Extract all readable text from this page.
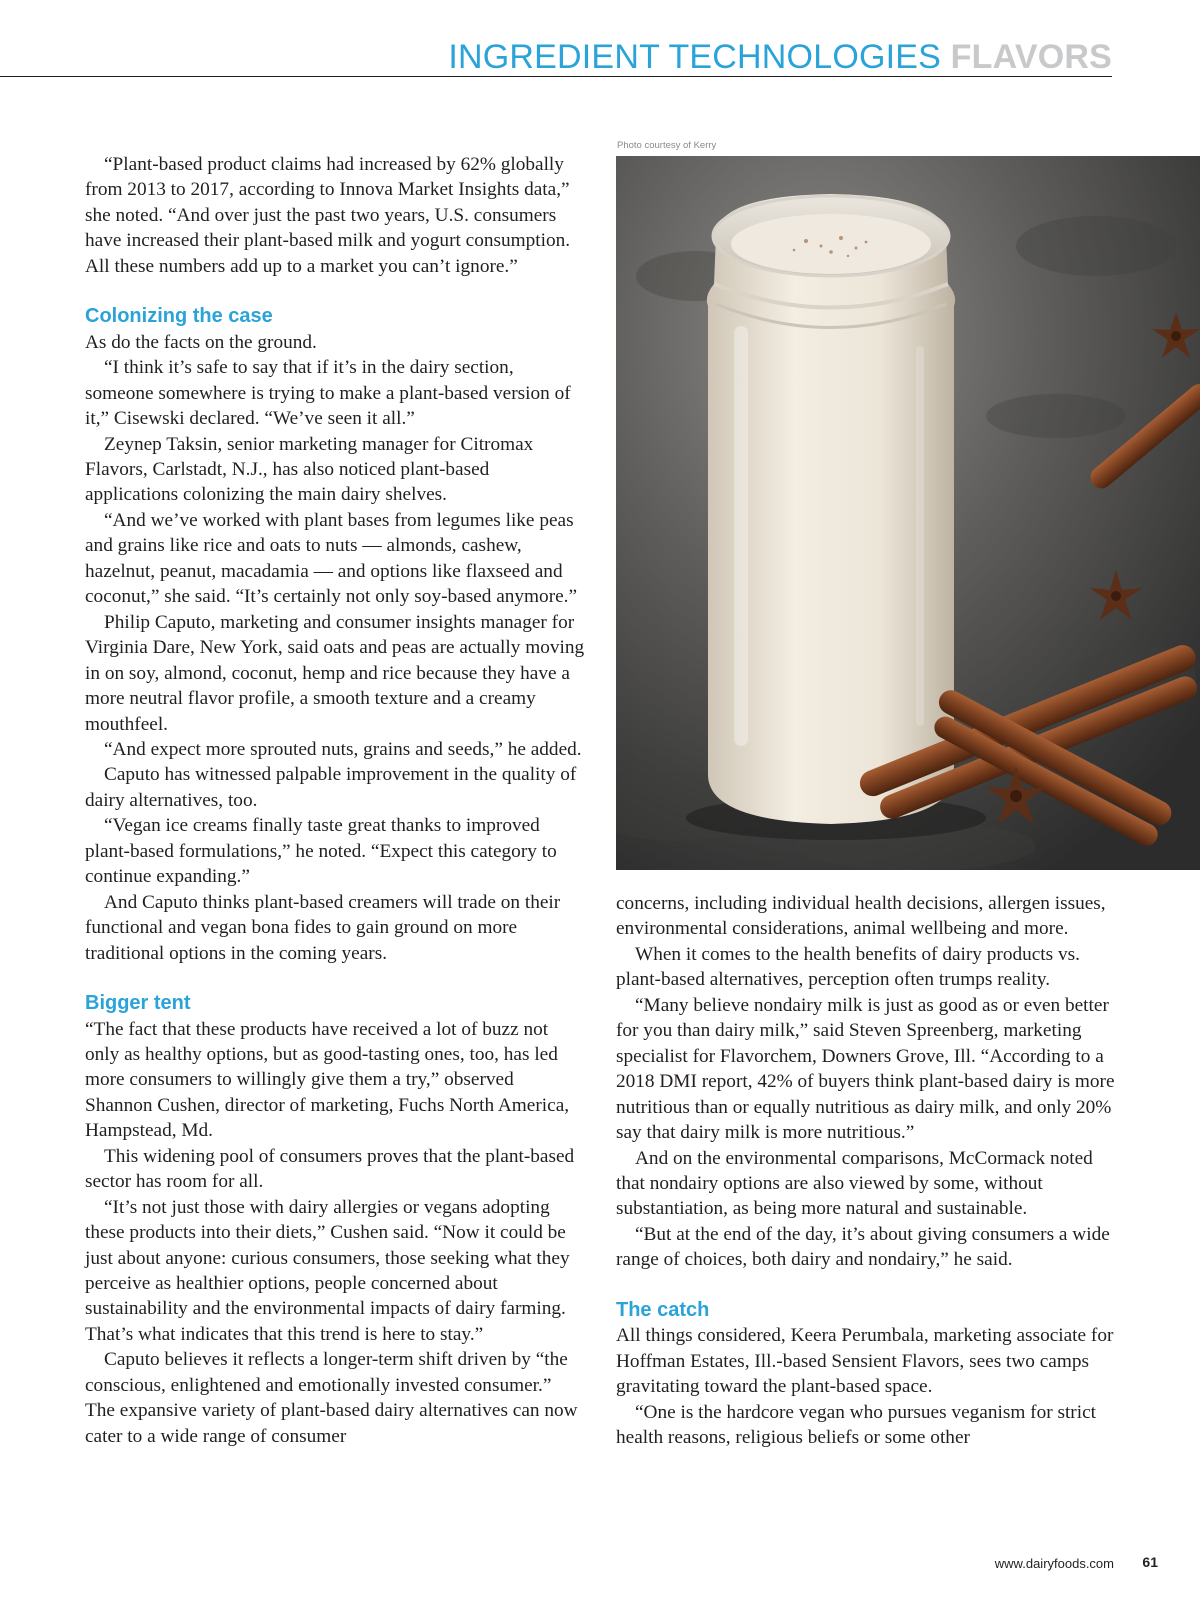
INGREDIENT TECHNOLOGIES FLAVORS

“Plant-based product claims had increased by 62% globally from 2013 to 2017, according to Innova Market Insights data,” she noted. “And over just the past two years, U.S. consumers have increased their plant-based milk and yogurt consumption. All these numbers add up to a market you can’t ignore.”

Colonizing the case

As do the facts on the ground.

“I think it’s safe to say that if it’s in the dairy section, someone somewhere is trying to make a plant-based version of it,” Cisewski declared. “We’ve seen it all.”

Zeynep Taksin, senior marketing manager for Citromax Flavors, Carlstadt, N.J., has also noticed plant-based applications colonizing the main dairy shelves.

“And we’ve worked with plant bases from legumes like peas and grains like rice and oats to nuts — almonds, cashew, hazelnut, peanut, macadamia — and options like flaxseed and coconut,” she said. “It’s certainly not only soy-based anymore.”

Philip Caputo, marketing and consumer insights manager for Virginia Dare, New York, said oats and peas are actually moving in on soy, almond, coconut, hemp and rice because they have a more neutral flavor profile, a smooth texture and a creamy mouthfeel.

“And expect more sprouted nuts, grains and seeds,” he added.

Caputo has witnessed palpable improvement in the quality of dairy alternatives, too.

“Vegan ice creams finally taste great thanks to improved plant-based formulations,” he noted. “Expect this category to continue expanding.”

And Caputo thinks plant-based creamers will trade on their functional and vegan bona fides to gain ground on more traditional options in the coming years.

Bigger tent

“The fact that these products have received a lot of buzz not only as healthy options, but as good-tasting ones, too, has led more consumers to willingly give them a try,” observed Shannon Cushen, director of marketing, Fuchs North America, Hampstead, Md.

This widening pool of consumers proves that the plant-based sector has room for all.

“It’s not just those with dairy allergies or vegans adopting these products into their diets,” Cushen said. “Now it could be just about anyone: curious consumers, those seeking what they perceive as healthier options, people concerned about sustainability and the environmental impacts of dairy farming. That’s what indicates that this trend is here to stay.”

Caputo believes it reflects a longer-term shift driven by “the conscious, enlightened and emotionally invested consumer.” The expansive variety of plant-based dairy alternatives can now cater to a wide range of consumer

Photo courtesy of Kerry

concerns, including individual health decisions, allergen issues, environmental considerations, animal wellbeing and more.

When it comes to the health benefits of dairy products vs. plant-based alternatives, perception often trumps reality.

“Many believe nondairy milk is just as good as or even better for you than dairy milk,” said Steven Spreenberg, marketing specialist for Flavorchem, Downers Grove, Ill. “According to a 2018 DMI report, 42% of buyers think plant-based dairy is more nutritious than or equally nutritious as dairy milk, and only 20% say that dairy milk is more nutritious.”

And on the environmental comparisons, McCormack noted that nondairy options are also viewed by some, without substantiation, as being more natural and sustainable.

“But at the end of the day, it’s about giving consumers a wide range of choices, both dairy and nondairy,” he said.

The catch

All things considered, Keera Perumbala, marketing associate for Hoffman Estates, Ill.-based Sensient Flavors, sees two camps gravitating toward the plant-based space.

“One is the hardcore vegan who pursues veganism for strict health reasons, religious beliefs or some other

www.dairyfoods.com 61
